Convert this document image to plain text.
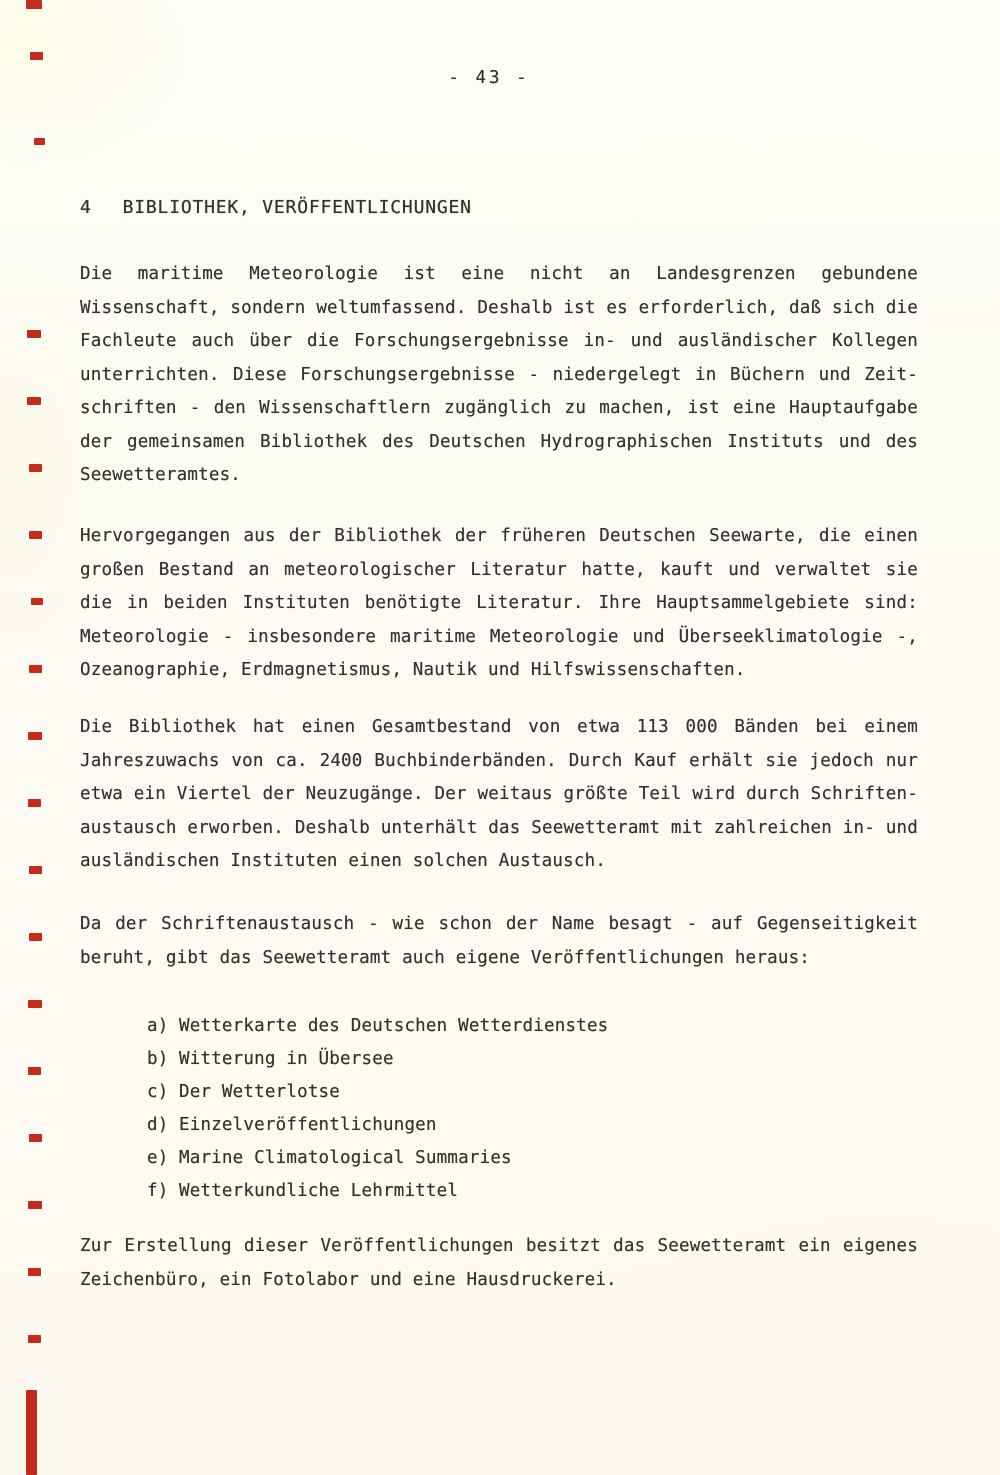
- 43 -
4 BIBLIOTHEK, VERÖFFENTLICHUNGEN
Die maritime Meteorologie ist eine nicht an Landesgrenzen gebundene
Wissenschaft, sondern weltumfassend. Deshalb ist es erforderlich, daß sich die
Fachleute auch über die Forschungsergebnisse in- und ausländischer Kollegen
unterrichten. Diese Forschungsergebnisse - niedergelegt in Büchern und Zeit-
schriften - den Wissenschaftlern zugänglich zu machen, ist eine Hauptaufgabe
der gemeinsamen Bibliothek des Deutschen Hydrographischen Instituts und des
Seewetteramtes.
Hervorgegangen aus der Bibliothek der früheren Deutschen Seewarte, die einen
großen Bestand an meteorologischer Literatur hatte, kauft und verwaltet sie
die in beiden Instituten benötigte Literatur. Ihre Hauptsammelgebiete sind:
Meteorologie - insbesondere maritime Meteorologie und Überseeklimatologie -,
Ozeanographie, Erdmagnetismus, Nautik und Hilfswissenschaften.
Die Bibliothek hat einen Gesamtbestand von etwa 113 000 Bänden bei einem
Jahreszuwachs von ca. 2400 Buchbinderbänden. Durch Kauf erhält sie jedoch nur
etwa ein Viertel der Neuzugänge. Der weitaus größte Teil wird durch Schriften-
austausch erworben. Deshalb unterhält das Seewetteramt mit zahlreichen in- und
ausländischen Instituten einen solchen Austausch.
Da der Schriftenaustausch - wie schon der Name besagt - auf Gegenseitigkeit
beruht, gibt das Seewetteramt auch eigene Veröffentlichungen heraus:
a) Wetterkarte des Deutschen Wetterdienstes
b) Witterung in Übersee
c) Der Wetterlotse
d) Einzelveröffentlichungen
e) Marine Climatological Summaries
f) Wetterkundliche Lehrmittel
Zur Erstellung dieser Veröffentlichungen besitzt das Seewetteramt ein eigenes
Zeichenbüro, ein Fotolabor und eine Hausdruckerei.
